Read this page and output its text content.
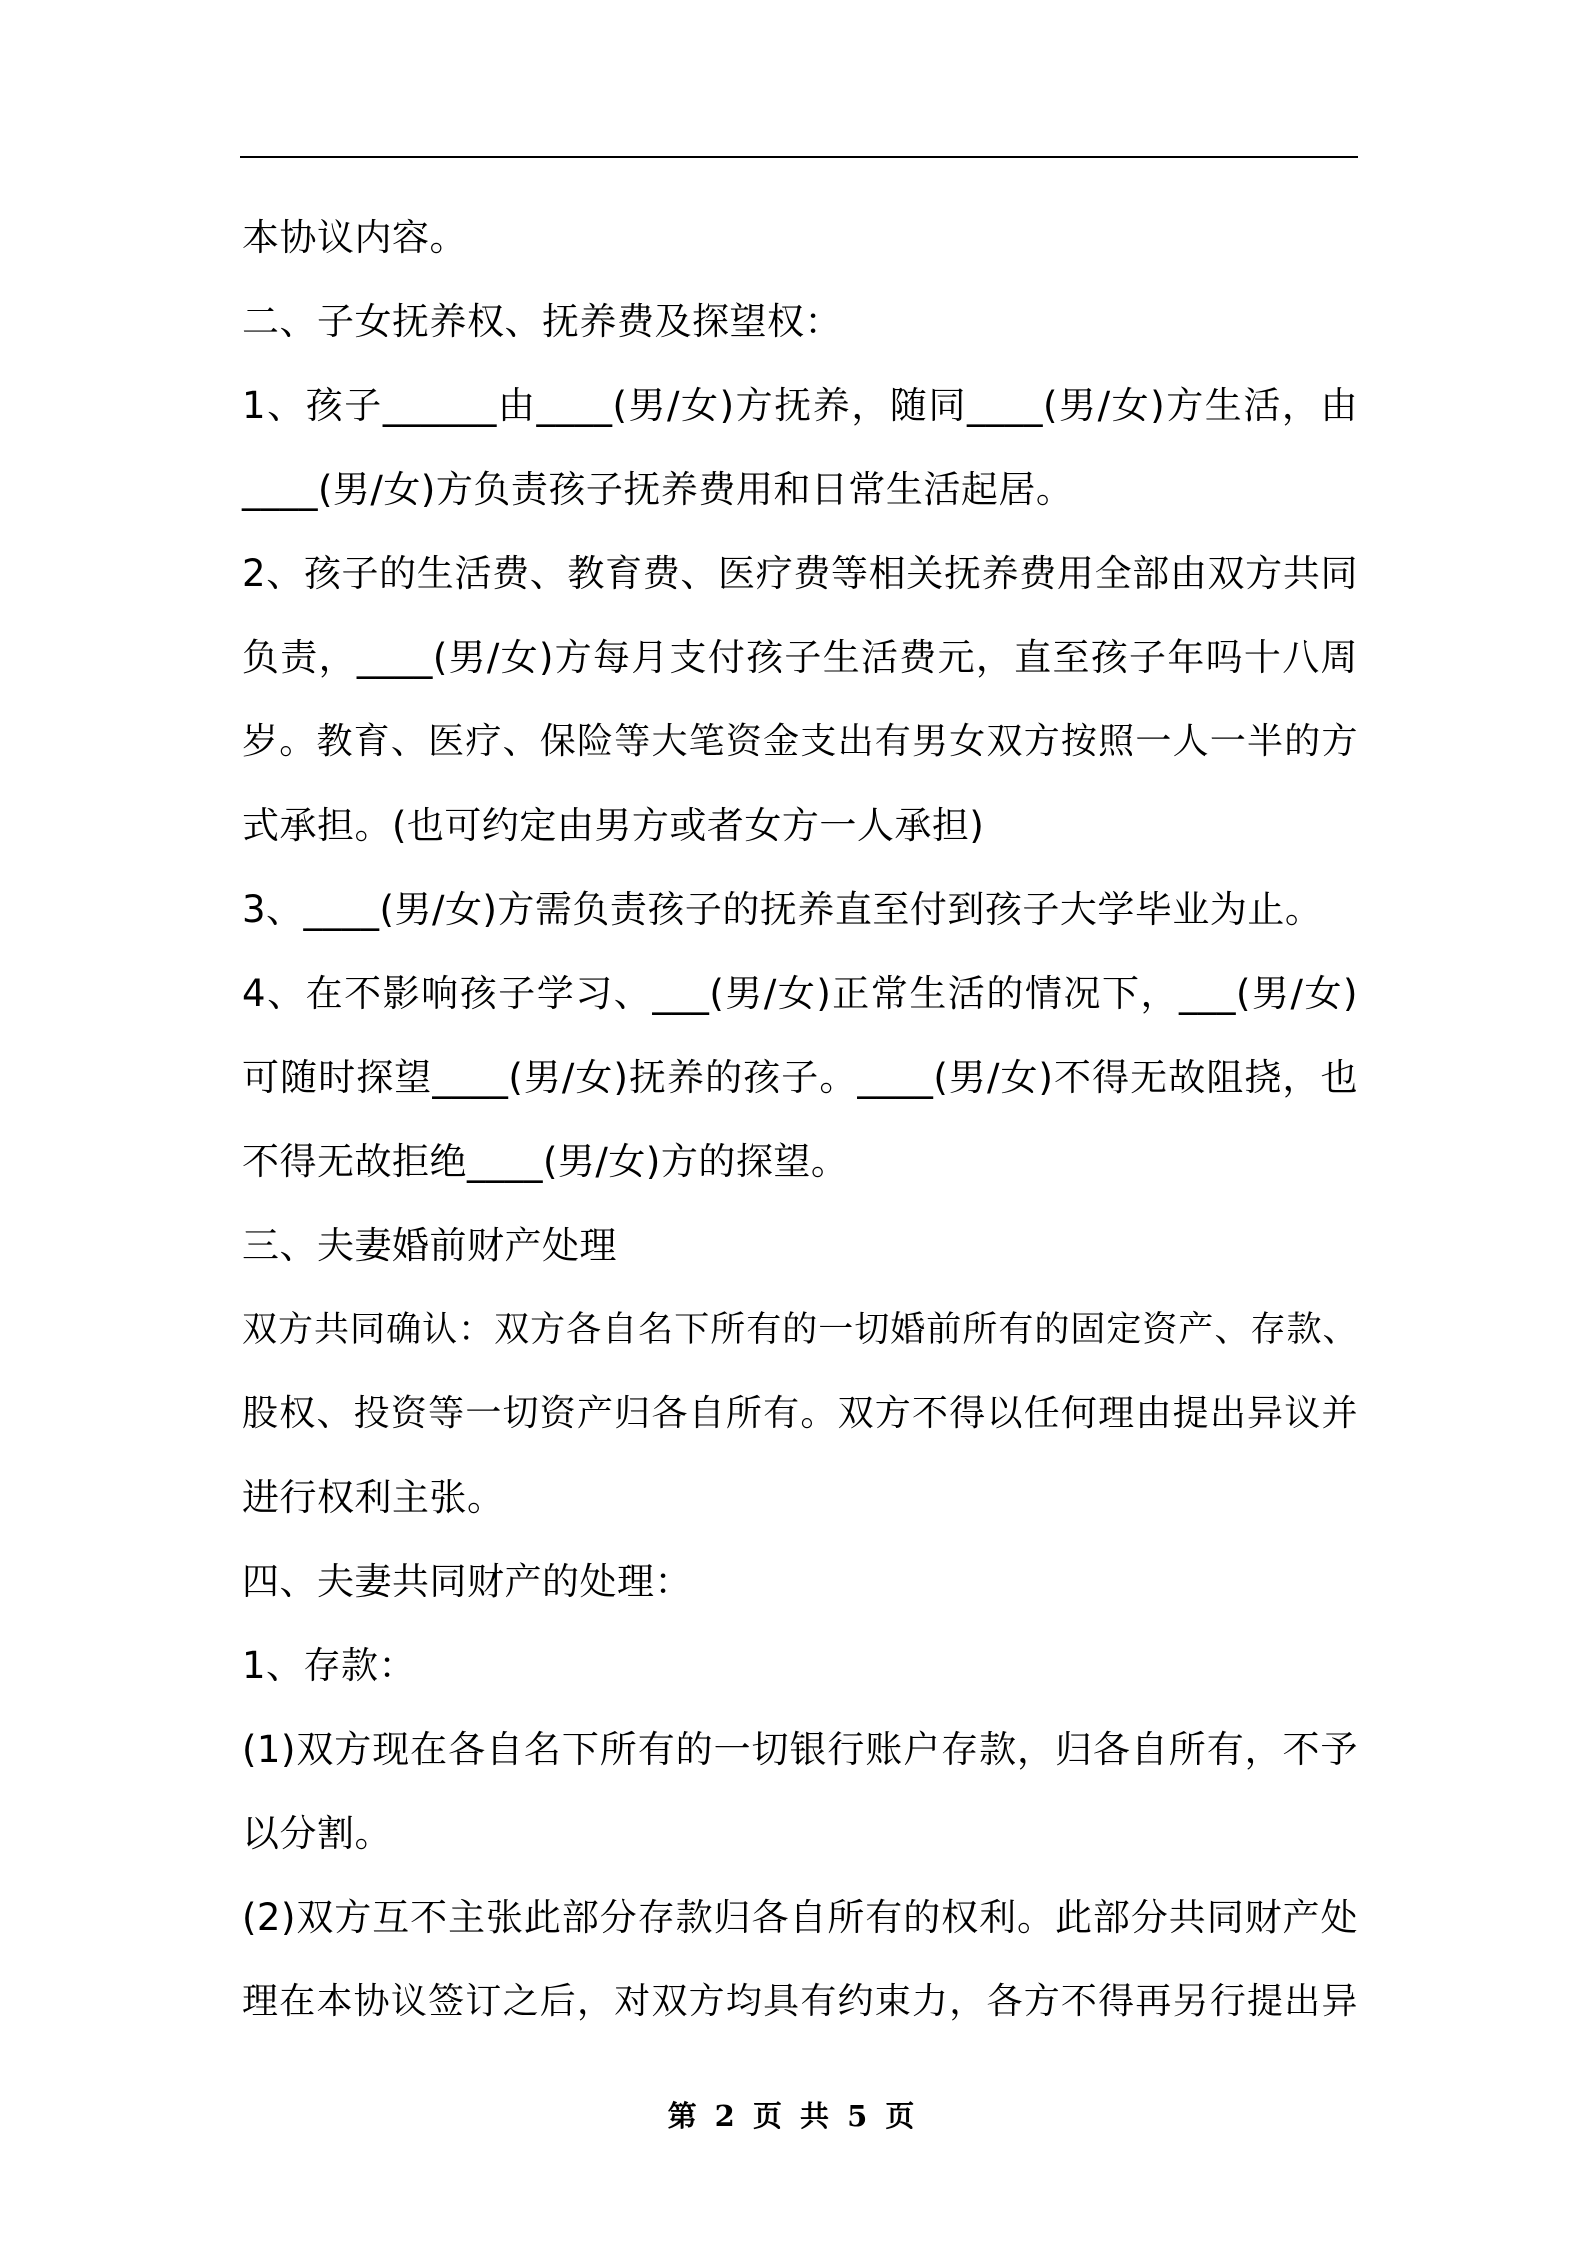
本协议内容。
二、子女抚养权、抚养费及探望权：
1、孩子______由____(男/女)方抚养，随同____(男/女)方生活，由
____(男/女)方负责孩子抚养费用和日常生活起居。
2、孩子的生活费、教育费、医疗费等相关抚养费用全部由双方共同
负责，____(男/女)方每月支付孩子生活费元，直至孩子年吗十八周
岁。教育、医疗、保险等大笔资金支出有男女双方按照一人一半的方
式承担。(也可约定由男方或者女方一人承担)
3、____(男/女)方需负责孩子的抚养直至付到孩子大学毕业为止。
4、在不影响孩子学习、___(男/女)正常生活的情况下，___(男/女)
可随时探望____(男/女)抚养的孩子。____(男/女)不得无故阻挠，也
不得无故拒绝____(男/女)方的探望。
三、夫妻婚前财产处理
双方共同确认：双方各自名下所有的一切婚前所有的固定资产、存款、
股权、投资等一切资产归各自所有。双方不得以任何理由提出异议并
进行权利主张。
四、夫妻共同财产的处理：
1、存款：
(1)双方现在各自名下所有的一切银行账户存款，归各自所有，不予
以分割。
(2)双方互不主张此部分存款归各自所有的权利。此部分共同财产处
理在本协议签订之后，对双方均具有约束力，各方不得再另行提出异
第 2 页 共 5 页
